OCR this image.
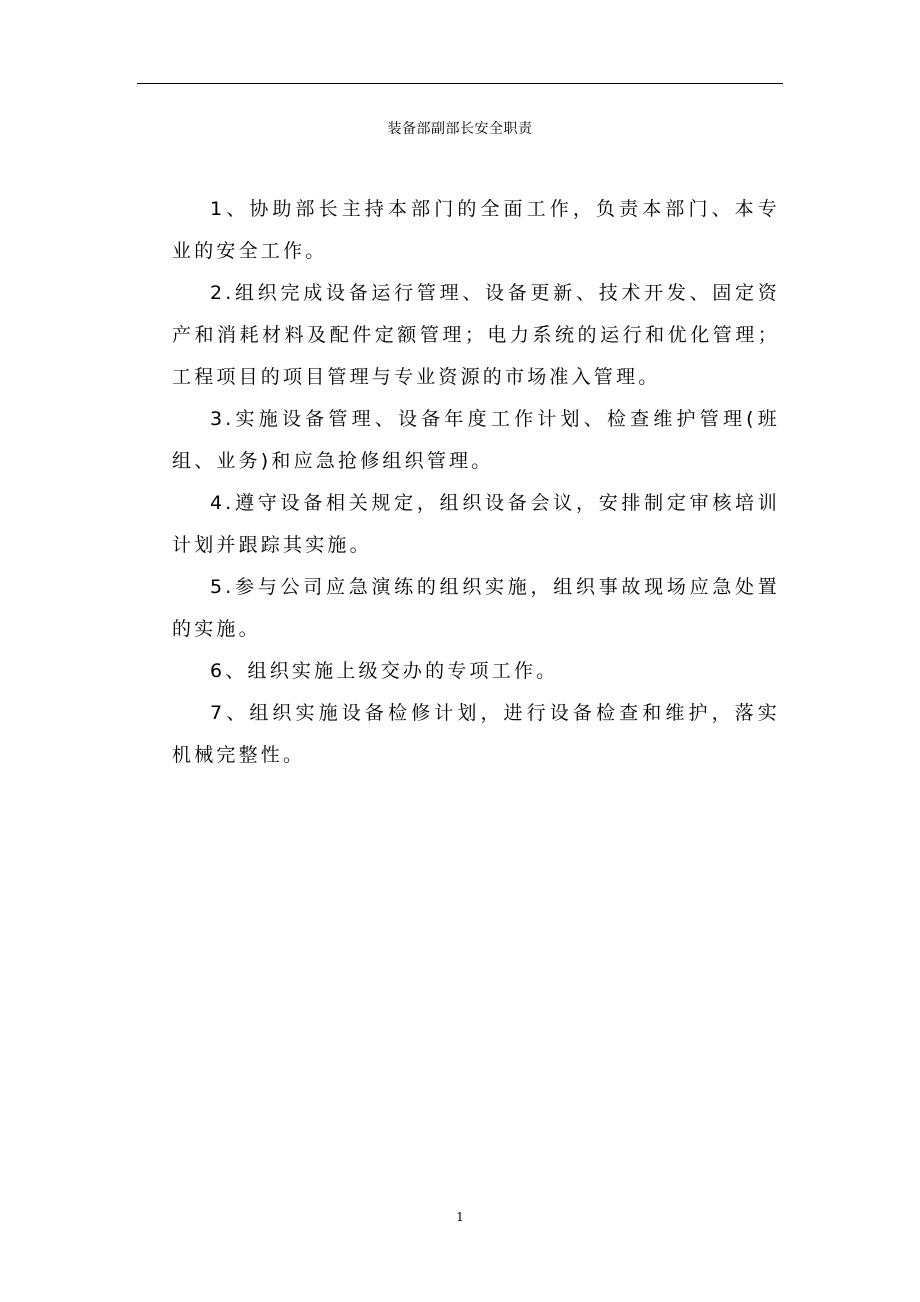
装备部副部长安全职责

1、协助部长主持本部门的全面工作，负责本部门、本专业的安全工作。

2.组织完成设备运行管理、设备更新、技术开发、固定资产和消耗材料及配件定额管理；电力系统的运行和优化管理；工程项目的项目管理与专业资源的市场准入管理。

3.实施设备管理、设备年度工作计划、检查维护管理(班组、业务)和应急抢修组织管理。

4.遵守设备相关规定，组织设备会议，安排制定审核培训计划并跟踪其实施。

5.参与公司应急演练的组织实施，组织事故现场应急处置的实施。

6、组织实施上级交办的专项工作。

7、组织实施设备检修计划，进行设备检查和维护，落实机械完整性。

1
